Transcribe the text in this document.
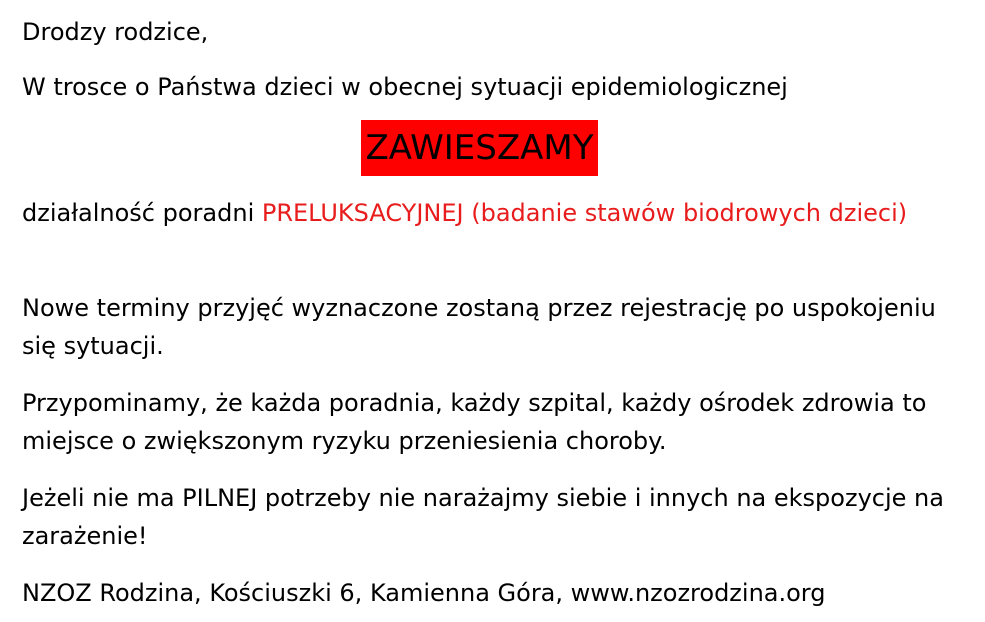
Drodzy rodzice,

W trosce o Państwa dzieci w obecnej sytuacji epidemiologicznej

ZAWIESZAMY

działalność poradni PRELUKSACYJNEJ (badanie stawów biodrowych dzieci)

Nowe terminy przyjęć wyznaczone zostaną przez rejestrację po uspokojeniu się sytuacji.

Przypominamy, że każda poradnia, każdy szpital, każdy ośrodek zdrowia to miejsce o zwiększonym ryzyku przeniesienia choroby.

Jeżeli nie ma PILNEJ potrzeby nie narażajmy siebie i innych na ekspozycje na zarażenie!

NZOZ Rodzina, Kościuszki 6, Kamienna Góra, www.nzozrodzina.org
